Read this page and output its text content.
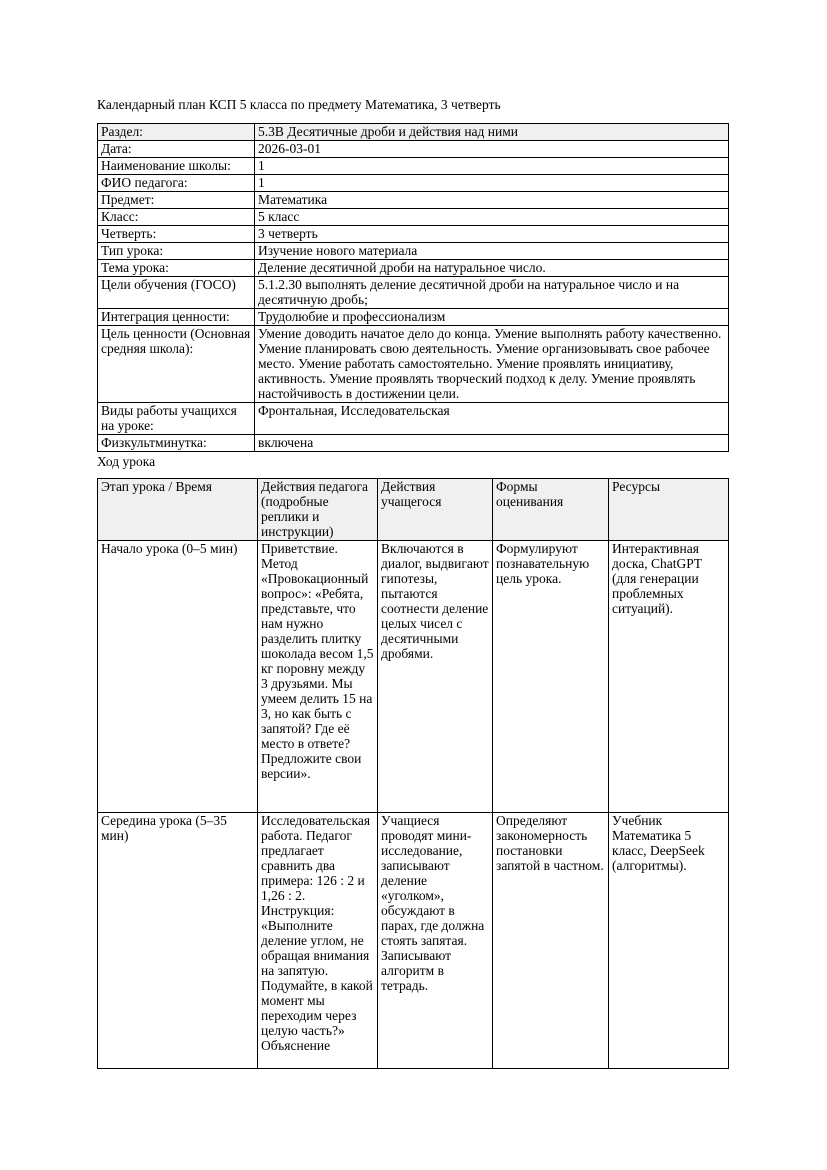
Календарный план КСП 5 класса по предмету Математика, 3 четверть

Раздел:	5.3B Десятичные дроби и действия над ними
Дата:	2026-03-01
Наименование школы:	1
ФИО педагога:	1
Предмет:	Математика
Класс:	5 класс
Четверть:	3 четверть
Тип урока:	Изучение нового материала
Тема урока:	Деление десятичной дроби на натуральное число.
Цели обучения (ГОСО)	5.1.2.30 выполнять деление десятичной дроби на натуральное число и на десятичную дробь;
Интеграция ценности:	Трудолюбие и профессионализм
Цель ценности (Основная средняя школа):	Умение доводить начатое дело до конца. Умение выполнять работу качественно. Умение планировать свою деятельность. Умение организовывать свое рабочее место. Умение работать самостоятельно. Умение проявлять инициативу, активность. Умение проявлять творческий подход к делу. Умение проявлять настойчивость в достижении цели.
Виды работы учащихся на уроке:	Фронтальная, Исследовательская
Физкультминутка:	включена

Ход урока

Этап урока / Время	Действия педагога (подробные реплики и инструкции)	Действия учащегося	Формы оценивания	Ресурсы
Начало урока (0–5 мин)	Приветствие. Метод «Провокационный вопрос»: «Ребята, представьте, что нам нужно разделить плитку шоколада весом 1,5 кг поровну между 3 друзьями. Мы умеем делить 15 на 3, но как быть с запятой? Где её место в ответе? Предложите свои версии».	Включаются в диалог, выдвигают гипотезы, пытаются соотнести деление целых чисел с десятичными дробями.	Формулируют познавательную цель урока.	Интерактивная доска, ChatGPT (для генерации проблемных ситуаций).
Середина урока (5–35 мин)	Исследовательская работа. Педагог предлагает сравнить два примера: 126 : 2 и 1,26 : 2. Инструкция: «Выполните деление углом, не обращая внимания на запятую. Подумайте, в какой момент мы переходим через целую часть?» Объяснение	Учащиеся проводят мини-исследование, записывают деление «уголком», обсуждают в парах, где должна стоять запятая. Записывают алгоритм в тетрадь.	Определяют закономерность постановки запятой в частном.	Учебник Математика 5 класс, DeepSeek (алгоритмы).
